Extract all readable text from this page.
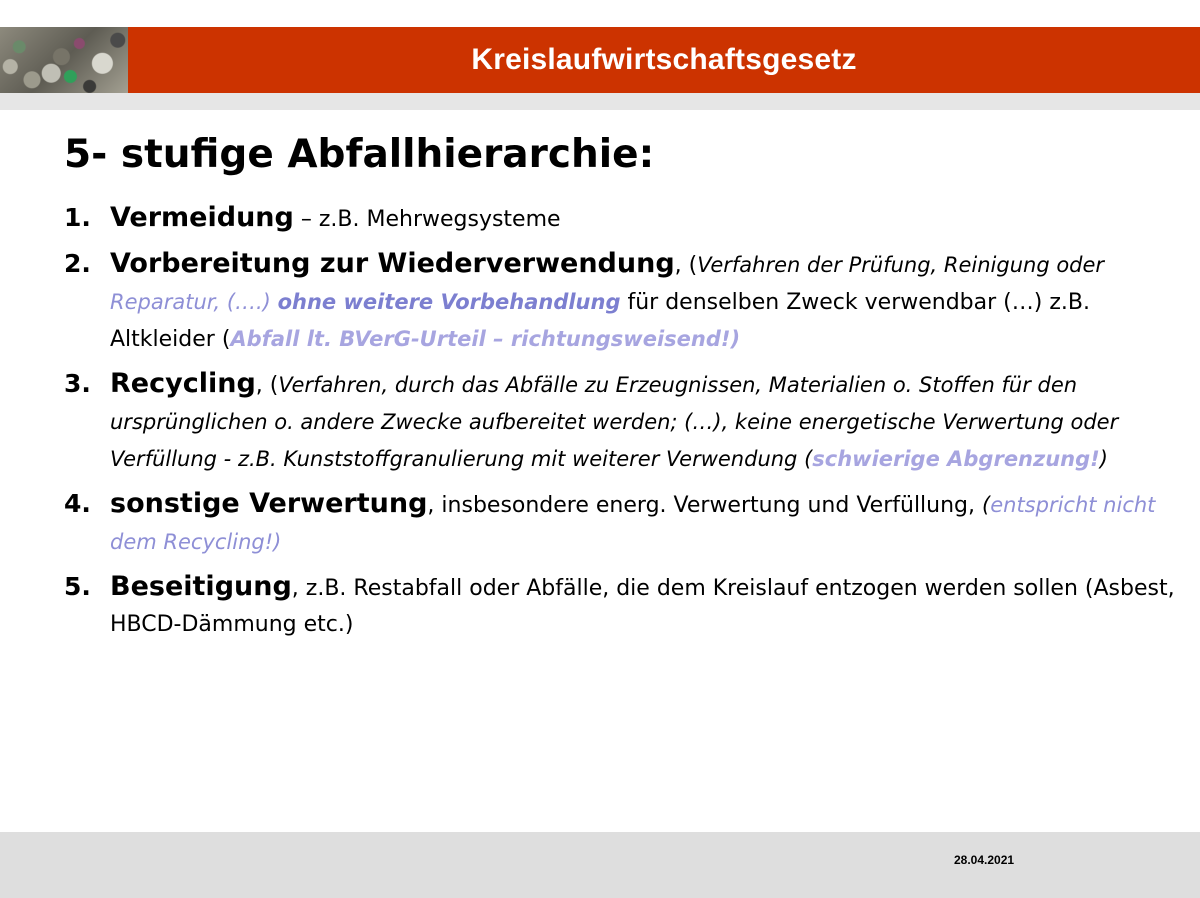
Kreislaufwirtschaftsgesetz
5- stufige Abfallhierarchie:
1. Vermeidung – z.B. Mehrwegsysteme
2. Vorbereitung zur Wiederverwendung, (Verfahren der Prüfung, Reinigung oder Reparatur, (….) ohne weitere Vorbehandlung für denselben Zweck verwendbar (…) z.B. Altkleider (Abfall lt. BVerG-Urteil – richtungsweisend!)
3. Recycling, (Verfahren, durch das Abfälle zu Erzeugnissen, Materialien o. Stoffen für den ursprünglichen o. andere Zwecke aufbereitet werden; (…), keine energetische Verwertung oder Verfüllung - z.B. Kunststoffgranulierung mit weiterer Verwendung (schwierige Abgrenzung!)
4. sonstige Verwertung, insbesondere energ. Verwertung und Verfüllung, (entspricht nicht dem Recycling!)
5. Beseitigung, z.B. Restabfall oder Abfälle, die dem Kreislauf entzogen werden sollen (Asbest, HBCD-Dämmung etc.)
28.04.2021
